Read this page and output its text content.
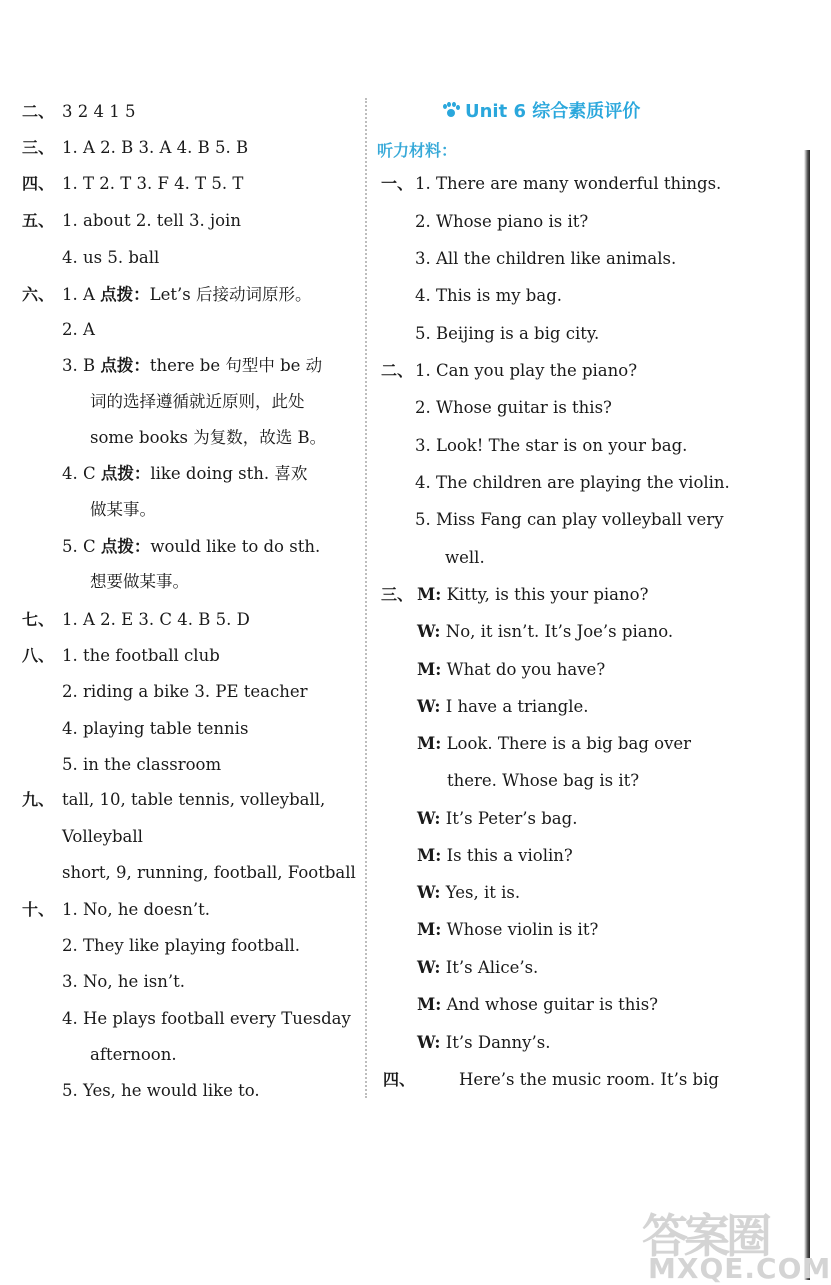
二、 3 2 4 1 5
三、 1. A 2. B 3. A 4. B 5. B
四、 1. T 2. T 3. F 4. T 5. T
五、 1. about 2. tell 3. join
4. us 5. ball
六、 1. A 点拨：Let’s 后接动词原形。
2. A
3. B 点拨：there be 句型中 be 动
词的选择遵循就近原则，此处
some books 为复数，故选 B。
4. C 点拨：like doing sth. 喜欢
做某事。
5. C 点拨：would like to do sth.
想要做某事。
七、 1. A 2. E 3. C 4. B 5. D
八、 1. the football club
2. riding a bike 3. PE teacher
4. playing table tennis
5. in the classroom
九、 tall, 10, table tennis, volleyball,
Volleyball
short, 9, running, football, Football
十、 1. No, he doesn’t.
2. They like playing football.
3. No, he isn’t.
4. He plays football every Tuesday
afternoon.
5. Yes, he would like to.
Unit 6 综合素质评价
听力材料：
一、 1. There are many wonderful things.
2. Whose piano is it?
3. All the children like animals.
4. This is my bag.
5. Beijing is a big city.
二、 1. Can you play the piano?
2. Whose guitar is this?
3. Look! The star is on your bag.
4. The children are playing the violin.
5. Miss Fang can play volleyball very
well.
三、 M: Kitty, is this your piano?
W: No, it isn’t. It’s Joe’s piano.
M: What do you have?
W: I have a triangle.
M: Look. There is a big bag over
there. Whose bag is it?
W: It’s Peter’s bag.
M: Is this a violin?
W: Yes, it is.
M: Whose violin is it?
W: It’s Alice’s.
M: And whose guitar is this?
W: It’s Danny’s.
四、	Here’s the music room. It’s big
答案圈
MXQE.COM
